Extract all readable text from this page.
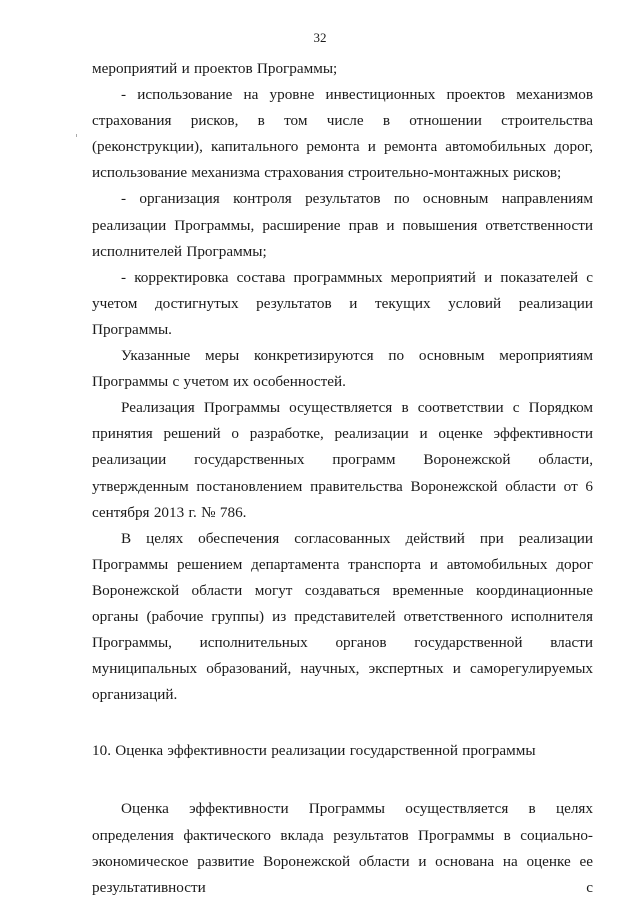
32

мероприятий и проектов Программы;

- использование на уровне инвестиционных проектов механизмов страхования рисков, в том числе в отношении строительства (реконструкции), капитального ремонта и ремонта автомобильных дорог, использование механизма страхования строительно-монтажных рисков;

- организация контроля результатов по основным направлениям реализации Программы, расширение прав и повышения ответственности исполнителей Программы;

- корректировка состава программных мероприятий и показателей с учетом достигнутых результатов и текущих условий реализации Программы.

Указанные меры конкретизируются по основным мероприятиям Программы с учетом их особенностей.

Реализация Программы осуществляется в соответствии с Порядком принятия решений о разработке, реализации и оценке эффективности реализации государственных программ Воронежской области, утвержденным постановлением правительства Воронежской области от 6 сентября 2013 г. № 786.

В целях обеспечения согласованных действий при реализации Программы решением департамента транспорта и автомобильных дорог Воронежской области могут создаваться временные координационные органы (рабочие группы) из представителей ответственного исполнителя Программы, исполнительных органов государственной власти муниципальных образований, научных, экспертных и саморегулируемых организаций.

10. Оценка эффективности реализации государственной программы

Оценка эффективности Программы осуществляется в целях определения фактического вклада результатов Программы в социально-экономическое развитие Воронежской области и основана на оценке ее результативности с
